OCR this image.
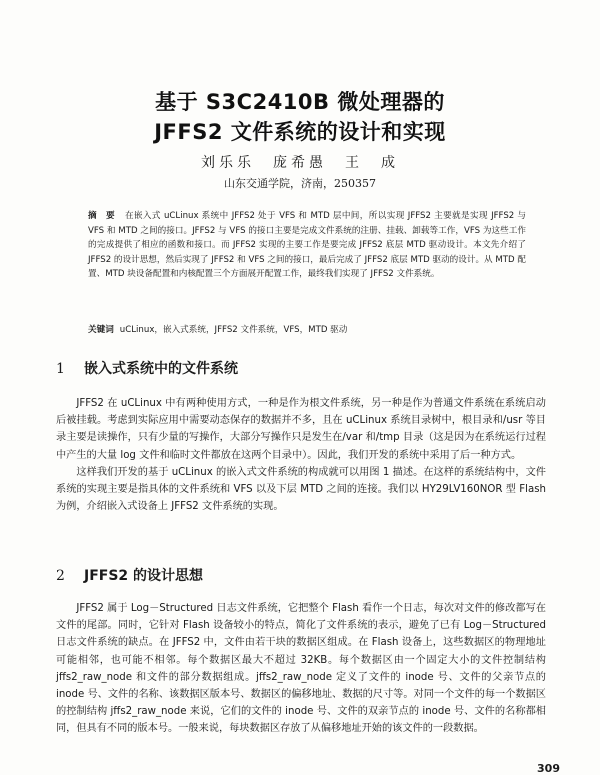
基于 S3C2410B 微处理器的
JFFS2 文件系统的设计和实现
刘乐乐　庞希愚　王　成
山东交通学院，济南，250357
摘　要 在嵌入式 uCLinux 系统中 JFFS2 处于 VFS 和 MTD 层中间，所以实现 JFFS2 主要就是实现 JFFS2 与 VFS 和 MTD 之间的接口。JFFS2 与 VFS 的接口主要是完成文件系统的注册、挂载、卸载等工作，VFS 为这些工作的完成提供了相应的函数和接口。而 JFFS2 实现的主要工作是要完成 JFFS2 底层 MTD 驱动设计。本文先介绍了 JFFS2 的设计思想，然后实现了 JFFS2 和 VFS 之间的接口，最后完成了 JFFS2 底层 MTD 驱动的设计。从 MTD 配置、MTD 块设备配置和内核配置三个方面展开配置工作，最终我们实现了 JFFS2 文件系统。
关键词 uCLinux，嵌入式系统，JFFS2 文件系统，VFS，MTD 驱动
1 嵌入式系统中的文件系统

JFFS2 在 uCLinux 中有两种使用方式，一种是作为根文件系统，另一种是作为普通文件系统在系统启动后被挂载。考虑到实际应用中需要动态保存的数据并不多，且在 uCLinux 系统目录树中，根目录和/usr 等目录主要是读操作，只有少量的写操作，大部分写操作只是发生在/var 和/tmp 目录（这是因为在系统运行过程中产生的大量 log 文件和临时文件都放在这两个目录中）。因此，我们开发的系统中采用了后一种方式。

这样我们开发的基于 uCLinux 的嵌入式文件系统的构成就可以用图 1 描述。在这样的系统结构中，文件系统的实现主要是指具体的文件系统和 VFS 以及下层 MTD 之间的连接。我们以 HY29LV160NOR 型 Flash 为例，介绍嵌入式设备上 JFFS2 文件系统的实现。

2 JFFS2 的设计思想

JFFS2 属于 Log－Structured 日志文件系统，它把整个 Flash 看作一个日志，每次对文件的修改都写在文件的尾部。同时，它针对 Flash 设备较小的特点，简化了文件系统的表示，避免了已有 Log－Structured 日志文件系统的缺点。在 JFFS2 中，文件由若干块的数据区组成。在 Flash 设备上，这些数据区的物理地址可能相邻，也可能不相邻。每个数据区最大不超过 32KB。每个数据区由一个固定大小的文件控制结构 jffs2_raw_node 和文件的部分数据组成。jffs2_raw_node 定义了文件的 inode 号、文件的父亲节点的 inode 号、文件的名称、该数据区版本号、数据区的偏移地址、数据的尺寸等。对同一个文件的每一个数据区的控制结构 jffs2_raw_node 来说，它们的文件的 inode 号、文件的双亲节点的 inode 号、文件的名称都相同，但具有不同的版本号。一般来说，每块数据区存放了从偏移地址开始的该文件的一段数据。

309
